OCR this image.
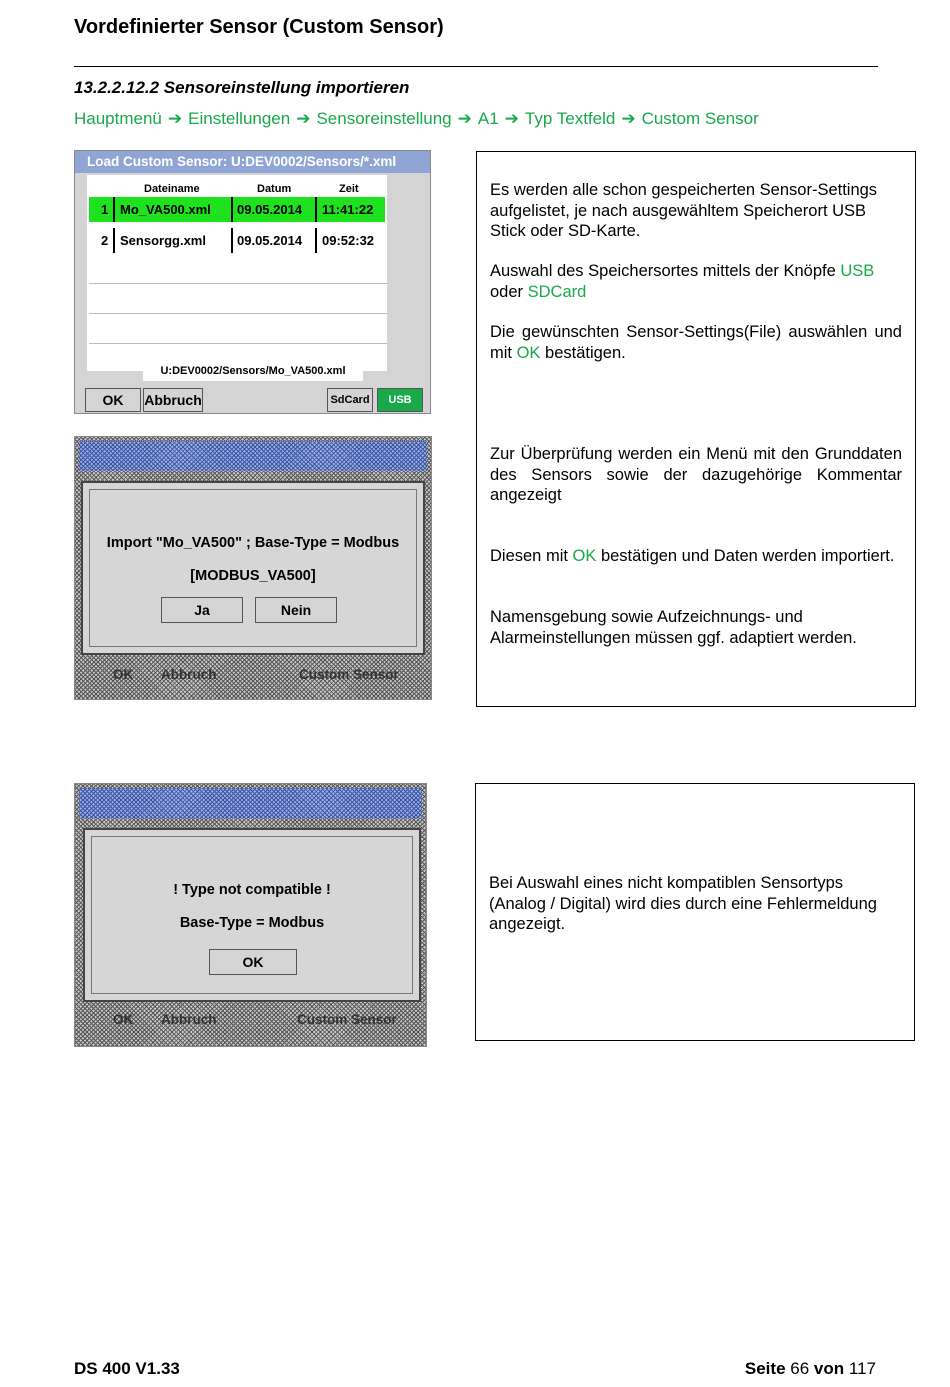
Vordefinierter Sensor (Custom Sensor)
13.2.2.12.2 Sensoreinstellung importieren
Hauptmenü ➔ Einstellungen ➔ Sensoreinstellung ➔ A1 ➔ Typ Textfeld ➔ Custom Sensor
Load Custom Sensor: U:DEV0002/Sensors/*.xml
Dateiname	Datum	Zeit
1 Mo_VA500.xml 09.05.2014 11:41:22
2 Sensorgg.xml 09.05.2014 09:52:32
U:DEV0002/Sensors/Mo_VA500.xml
OK	Abbruch	SdCard	USB
Import "Mo_VA500" ; Base-Type = Modbus
[MODBUS_VA500]
Ja	Nein
OK Abbruch	Custom Sensor
! Type not compatible !
Base-Type = Modbus
OK
OK Abbruch	Custom Sensor

Es werden alle schon gespeicherten Sensor-Settings aufgelistet, je nach ausgewähltem Speicherort USB Stick oder SD-Karte.

Auswahl des Speichersortes mittels der Knöpfe USB
oder SDCard

Die gewünschten Sensor-Settings(File) auswählen und mit OK bestätigen.

Zur Überprüfung werden ein Menü mit den Grunddaten des Sensors sowie der dazugehörige Kommentar angezeigt

Diesen mit OK bestätigen und Daten werden importiert.

Namensgebung sowie Aufzeichnungs- und Alarmeinstellungen müssen ggf. adaptiert werden.

Bei Auswahl eines nicht kompatiblen Sensortyps (Analog / Digital) wird dies durch eine Fehlermeldung angezeigt.

DS 400 V1.33	Seite 66 von 117
